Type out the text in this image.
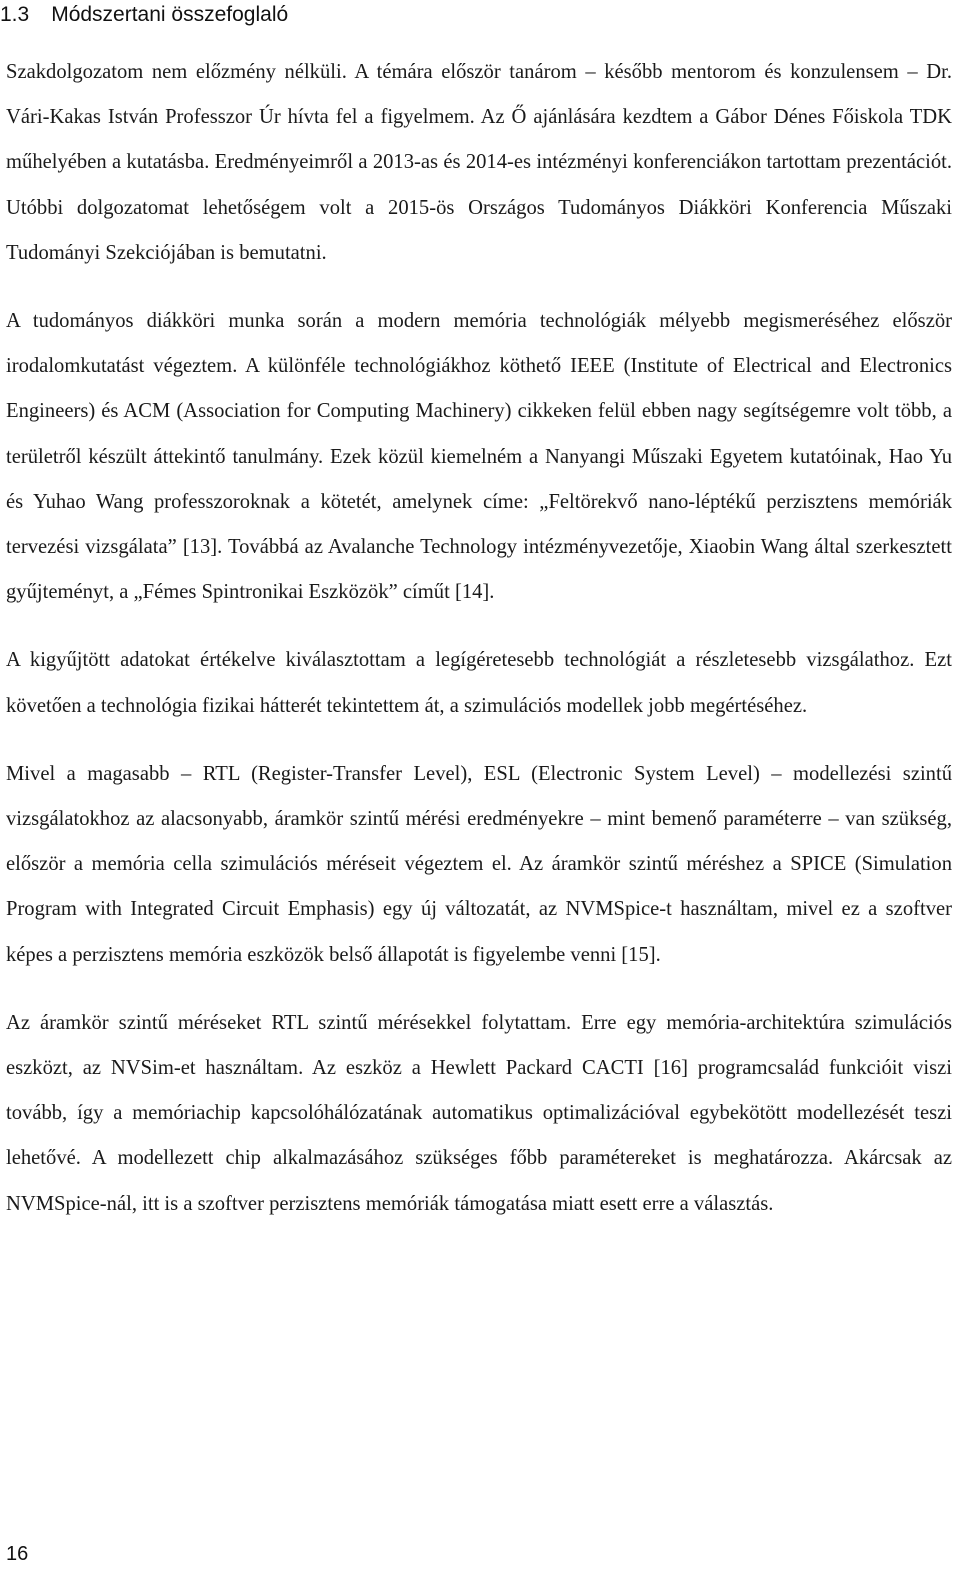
1.3 Módszertani összefoglaló

Szakdolgozatom nem előzmény nélküli. A témára először tanárom – később mentorom és konzulensem – Dr. Vári-Kakas István Professzor Úr hívta fel a figyelmem. Az Ő ajánlására kezdtem a Gábor Dénes Főiskola TDK műhelyében a kutatásba. Eredményeimről a 2013-as és 2014-es intézményi konferenciákon tartottam prezentációt. Utóbbi dolgozatomat lehetőségem volt a 2015-ös Országos Tudományos Diákköri Konferencia Műszaki Tudományi Szekciójában is bemutatni.

A tudományos diákköri munka során a modern memória technológiák mélyebb megismeréséhez először irodalomkutatást végeztem. A különféle technológiákhoz köthető IEEE (Institute of Electrical and Electronics Engineers) és ACM (Association for Computing Machinery) cikkeken felül ebben nagy segítségemre volt több, a területről készült áttekintő tanulmány. Ezek közül kiemelném a Nanyangi Műszaki Egyetem kutatóinak, Hao Yu és Yuhao Wang professzoroknak a kötetét, amelynek címe: „Feltörekvő nano-léptékű perzisztens memóriák tervezési vizsgálata” [13]. Továbbá az Avalanche Technology intézményvezetője, Xiaobin Wang által szerkesztett gyűjteményt, a „Fémes Spintronikai Eszközök” címűt [14].

A kigyűjtött adatokat értékelve kiválasztottam a legígéretesebb technológiát a részletesebb vizsgálathoz. Ezt követően a technológia fizikai hátterét tekintettem át, a szimulációs modellek jobb megértéséhez.

Mivel a magasabb – RTL (Register-Transfer Level), ESL (Electronic System Level) – modellezési szintű vizsgálatokhoz az alacsonyabb, áramkör szintű mérési eredményekre – mint bemenő paraméterre – van szükség, először a memória cella szimulációs méréseit végeztem el. Az áramkör szintű méréshez a SPICE (Simulation Program with Integrated Circuit Emphasis) egy új változatát, az NVMSpice-t használtam, mivel ez a szoftver képes a perzisztens memória eszközök belső állapotát is figyelembe venni [15].

Az áramkör szintű méréseket RTL szintű mérésekkel folytattam. Erre egy memória-architektúra szimulációs eszközt, az NVSim-et használtam. Az eszköz a Hewlett Packard CACTI [16] programcsalád funkcióit viszi tovább, így a memóriachip kapcsolóhálózatának automatikus optimalizációval egybekötött modellezését teszi lehetővé. A modellezett chip alkalmazásához szükséges főbb paramétereket is meghatározza. Akárcsak az NVMSpice-nál, itt is a szoftver perzisztens memóriák támogatása miatt esett erre a választás.

16
